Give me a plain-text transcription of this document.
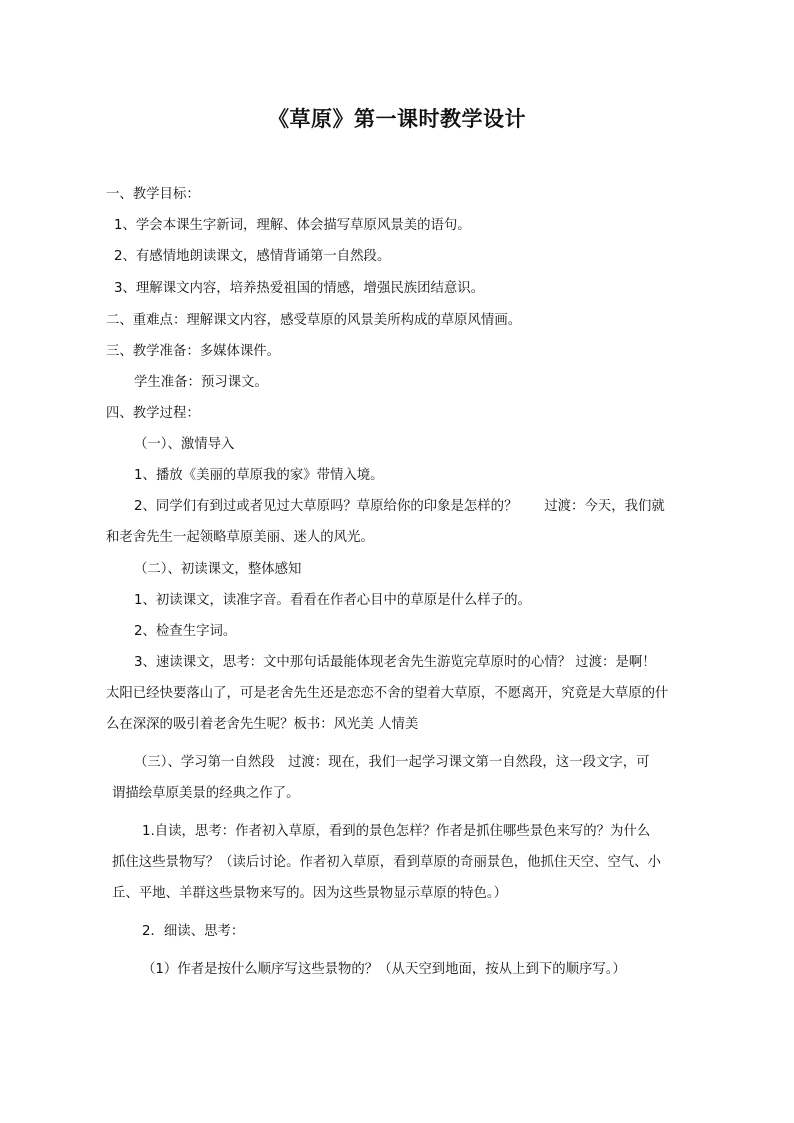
《草原》第一课时教学设计

一、教学目标：

1、学会本课生字新词，理解、体会描写草原风景美的语句。

2、有感情地朗读课文，感情背诵第一自然段。

3、理解课文内容，培养热爱祖国的情感，增强民族团结意识。

二、重难点：理解课文内容，感受草原的风景美所构成的草原风情画。

三、教学准备：多媒体课件。

学生准备：预习课文。

四、教学过程：

（一）、激情导入

1、播放《美丽的草原我的家》带情入境。

2、同学们有到过或者见过大草原吗？草原给你的印象是怎样的？　　过渡：今天，我们就

和老舍先生一起领略草原美丽、迷人的风光。

（二）、初读课文，整体感知

1、初读课文，读准字音。看看在作者心目中的草原是什么样子的。

2、检查生字词。

3、速读课文，思考：文中那句话最能体现老舍先生游览完草原时的心情？ 过渡：是啊！

太阳已经快要落山了，可是老舍先生还是恋恋不舍的望着大草原，不愿离开，究竟是大草原的什

么在深深的吸引着老舍先生呢？板书：风光美 人情美

（三）、学习第一自然段　过渡：现在，我们一起学习课文第一自然段，这一段文字，可

谓描绘草原美景的经典之作了。

1.自读，思考：作者初入草原，看到的景色怎样？作者是抓住哪些景色来写的？为什么

抓住这些景物写？（读后讨论。作者初入草原，看到草原的奇丽景色，他抓住天空、空气、小

丘、平地、羊群这些景物来写的。因为这些景物显示草原的特色。）

2．细读、思考：

（1）作者是按什么顺序写这些景物的？（从天空到地面，按从上到下的顺序写。）
